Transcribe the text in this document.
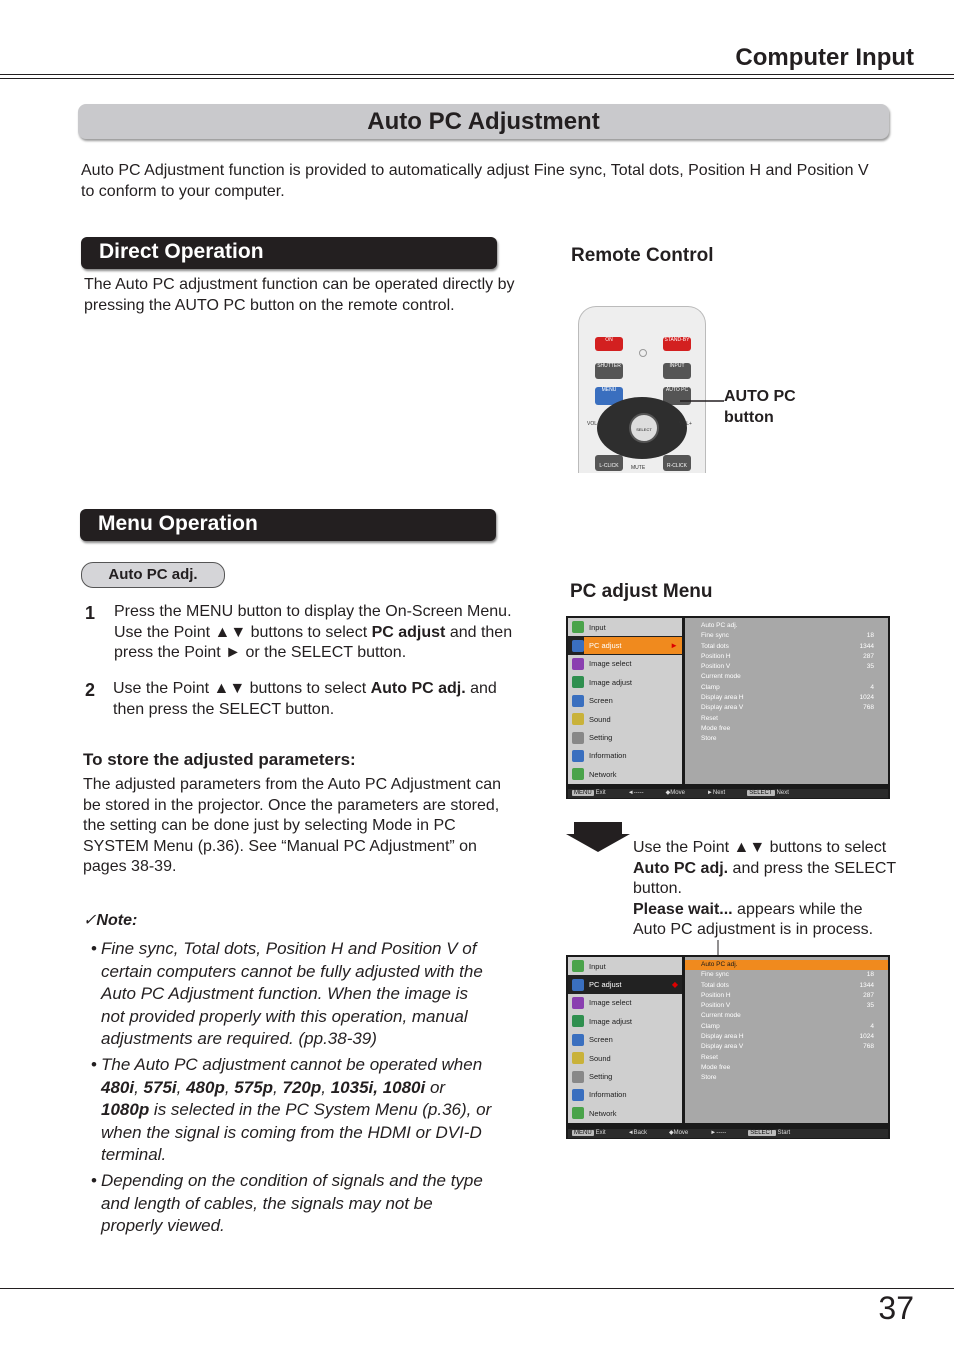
Computer Input
Auto PC Adjustment
Auto PC Adjustment function is provided to automatically adjust Fine sync, Total dots, Position H and Position V to conform to your computer.
Direct Operation
The Auto PC adjustment function can be operated directly by pressing the AUTO PC button on the remote control.
Remote Control
ON	STAND-BY
SHUTTER	INPUT
MENU	AUTO PC
SELECT
VOL-	VOL+
L-CLICK	MUTE	R-CLICK
AUTO PC
button
Menu Operation
Auto PC adj.
1 Press the MENU button to display the On-Screen Menu. Use the Point ▲▼ buttons to select PC adjust and then press the Point ► or the SELECT button.
2 Use the Point ▲▼ buttons to select Auto PC adj. and then press the SELECT button.
To store the adjusted parameters:
The adjusted parameters from the Auto PC Adjustment can be stored in the projector. Once the parameters are stored, the setting can be done just by selecting Mode in PC SYSTEM Menu (p.36). See “Manual PC Adjustment” on pages 38-39.
✓Note:
• Fine sync, Total dots, Position H and Position V of certain computers cannot be fully adjusted with the Auto PC Adjustment function. When the image is not provided properly with this operation, manual adjustments are required. (pp.38-39)
• The Auto PC adjustment cannot be operated when 480i, 575i, 480p, 575p, 720p, 1035i, 1080i or 1080p is selected in the PC System Menu (p.36), or when the signal is coming from the HDMI or DVI-D terminal.
• Depending on the condition of signals and the type and length of cables, the signals may not be properly viewed.
PC adjust Menu
Input
PC adjust	►
Image select
Image adjust
Screen
Sound
Setting
Information
Network
Auto PC adj.
Fine sync	18
Total dots	1344
Position H	287
Position V	35
Current mode
Clamp	4
Display area H	1024
Display area V	768
Reset
Mode free
Store
MENU Exit	◄-----	◆Move	►Next	SELECT Next
Use the Point ▲▼ buttons to select Auto PC adj. and press the SELECT button.
Please wait... appears while the Auto PC adjustment is in process.
Input
PC adjust	◆
Image select
Image adjust
Screen
Sound
Setting
Information
Network
Auto PC adj.
Fine sync	18
Total dots	1344
Position H	287
Position V	35
Current mode
Clamp	4
Display area H	1024
Display area V	768
Reset
Mode free
Store
MENU Exit	◄Back	◆Move	►-----	SELECT Start
37
